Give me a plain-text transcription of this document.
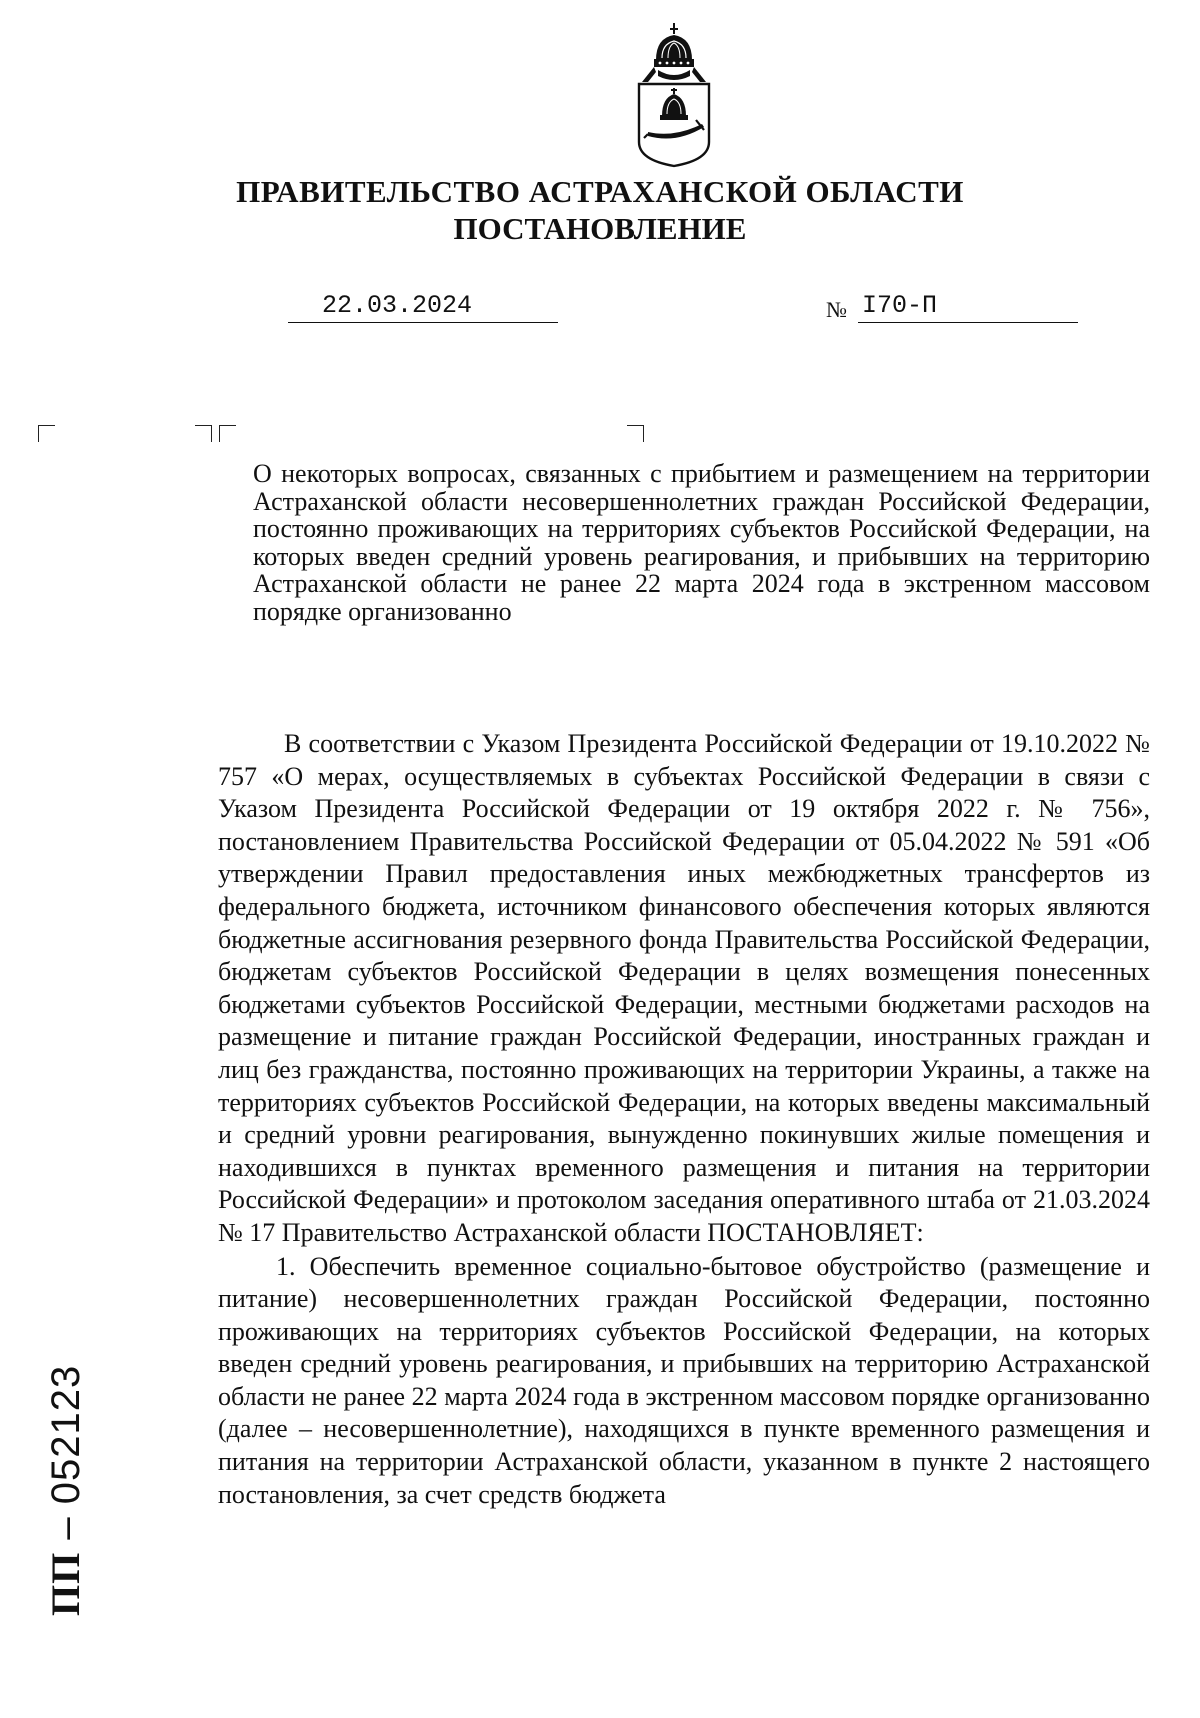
ПРАВИТЕЛЬСТВО АСТРАХАНСКОЙ ОБЛАСТИ
ПОСТАНОВЛЕНИЕ
22.03.2024	№ I70-П
О некоторых вопросах, связанных с прибытием и размещением на территории Астраханской области несовершеннолетних граждан Российской Федерации, постоянно проживающих на территориях субъектов Российской Федерации, на которых введен средний уровень реагирования, и прибывших на территорию Астраханской области не ранее 22 марта 2024 года в экстренном массовом порядке организованно

В соответствии с Указом Президента Российской Федерации от 19.10.2022 № 757 «О мерах, осуществляемых в субъектах Российской Федерации в связи с Указом Президента Российской Федерации от 19 октября 2022 г. № 756», постановлением Правительства Российской Федерации от 05.04.2022 № 591 «Об утверждении Правил предоставления иных межбюджетных трансфертов из федерального бюджета, источником финансового обеспечения которых являются бюджетные ассигнования резервного фонда Правительства Российской Федерации, бюджетам субъектов Российской Федерации в целях возмещения понесенных бюджетами субъектов Российской Федерации, местными бюджетами расходов на размещение и питание граждан Российской Федерации, иностранных граждан и лиц без гражданства, постоянно проживающих на территории Украины, а также на территориях субъектов Российской Федерации, на которых введены максимальный и средний уровни реагирования, вынужденно покинувших жилые помещения и находившихся в пунктах временного размещения и питания на территории Российской Федерации» и протоколом заседания оперативного штаба от 21.03.2024 № 17 Правительство Астраханской области ПОСТАНОВЛЯЕТ:

1. Обеспечить временное социально-бытовое обустройство (размещение и питание) несовершеннолетних граждан Российской Федерации, постоянно проживающих на территориях субъектов Российской Федерации, на которых введен средний уровень реагирования, и прибывших на территорию Астраханской области не ранее 22 марта 2024 года в экстренном массовом порядке организованно (далее – несовершеннолетние), находящихся в пункте временного размещения и питания на территории Астраханской области, указанном в пункте 2 настоящего постановления, за счет средств бюджета

ПП – 052123
